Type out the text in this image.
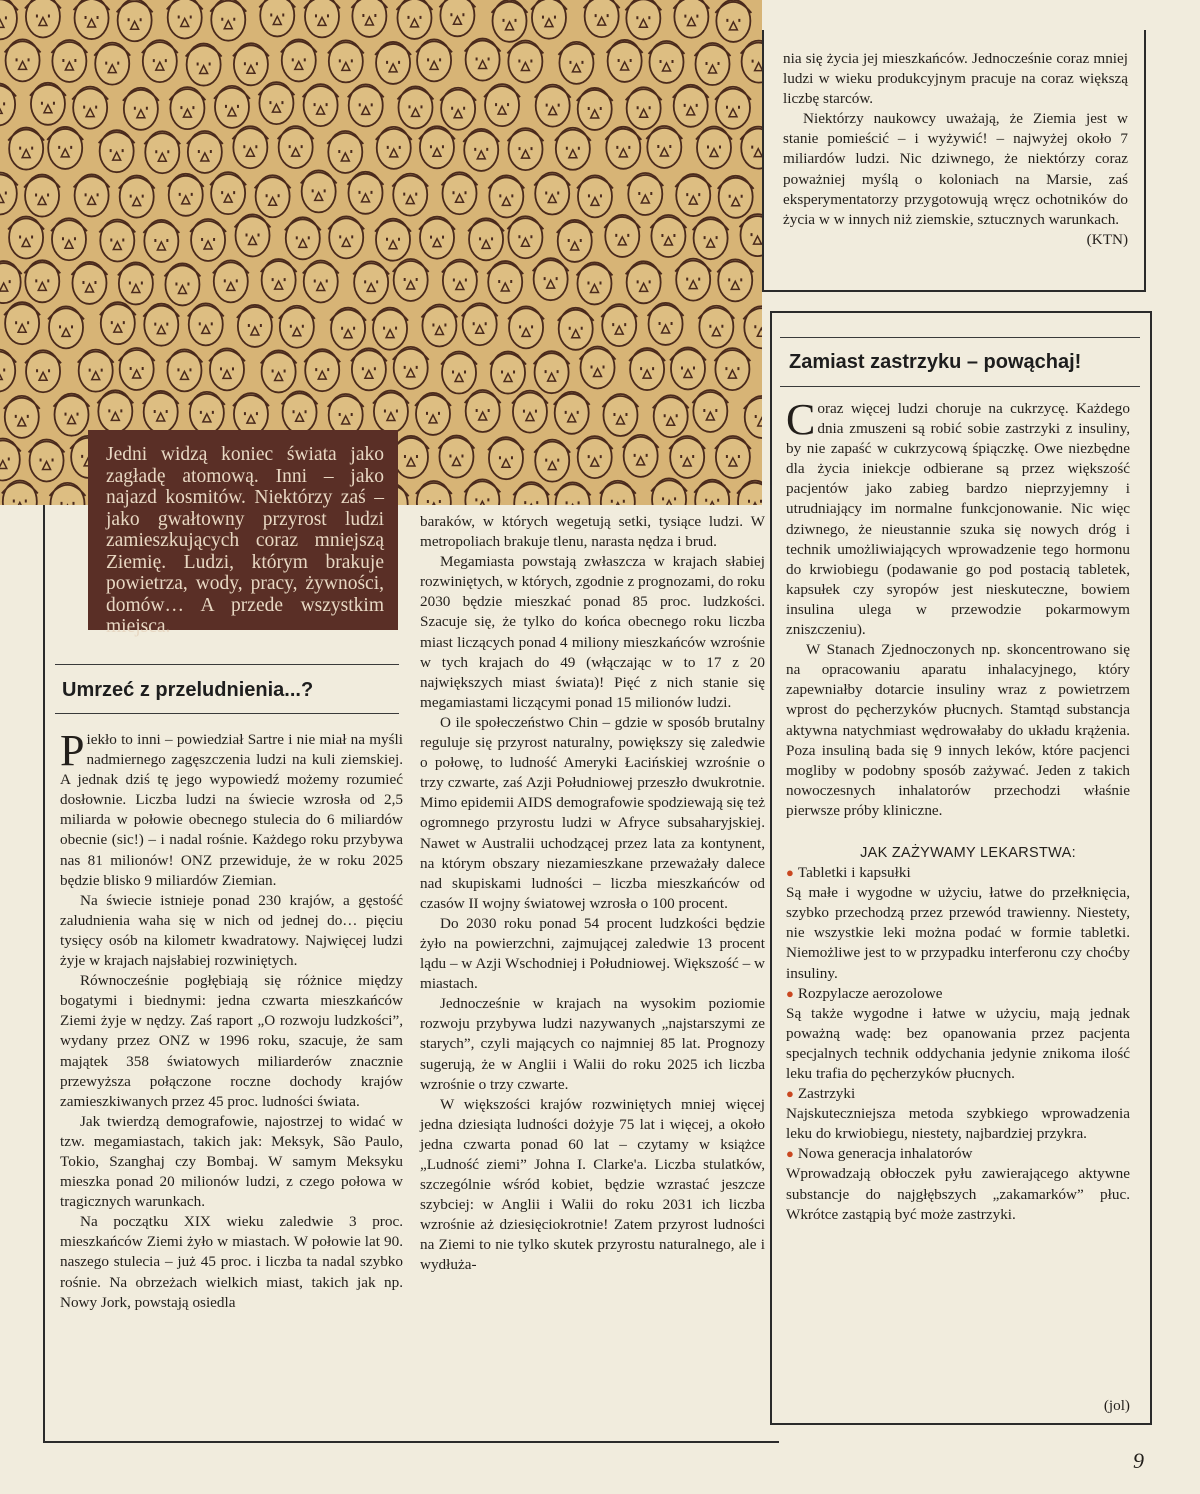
Jedni widzą koniec świata jako zagładę atomową. Inni – jako najazd kosmitów. Niektórzy zaś – jako gwałtowny przyrost ludzi zamieszkujących coraz mniejszą Ziemię. Ludzi, którym brakuje powietrza, wody, pracy, żywności, domów… A przede wszystkim miejsca.
Umrzeć z przeludnienia...?

Piekło to inni – powiedział Sartre i nie miał na myśli nadmiernego zagęszczenia ludzi na kuli ziemskiej. A jednak dziś tę jego wypowiedź możemy rozumieć dosłownie. Liczba ludzi na świecie wzrosła od 2,5 miliarda w połowie obecnego stulecia do 6 miliardów obecnie (sic!) – i nadal rośnie. Każdego roku przybywa nas 81 milionów! ONZ przewiduje, że w roku 2025 będzie blisko 9 miliardów Ziemian.

Na świecie istnieje ponad 230 krajów, a gęstość zaludnienia waha się w nich od jednej do… pięciu tysięcy osób na kilometr kwadratowy. Najwięcej ludzi żyje w krajach najsłabiej rozwiniętych.

Równocześnie pogłębiają się różnice między bogatymi i biednymi: jedna czwarta mieszkańców Ziemi żyje w nędzy. Zaś raport „O rozwoju ludzkości”, wydany przez ONZ w 1996 roku, szacuje, że sam majątek 358 światowych miliarderów znacznie przewyższa połączone roczne dochody krajów zamieszkiwanych przez 45 proc. ludności świata.

Jak twierdzą demografowie, najostrzej to widać w tzw. megamiastach, takich jak: Meksyk, São Paulo, Tokio, Szanghaj czy Bombaj. W samym Meksyku mieszka ponad 20 milionów ludzi, z czego połowa w tragicznych warunkach.

Na początku XIX wieku zaledwie 3 proc. mieszkańców Ziemi żyło w miastach. W połowie lat 90. naszego stulecia – już 45 proc. i liczba ta nadal szybko rośnie. Na obrzeżach wielkich miast, takich jak np. Nowy Jork, powstają osiedla

baraków, w których wegetują setki, tysiące ludzi. W metropoliach brakuje tlenu, narasta nędza i brud.

Megamiasta powstają zwłaszcza w krajach słabiej rozwiniętych, w których, zgodnie z prognozami, do roku 2030 będzie mieszkać ponad 85 proc. ludzkości. Szacuje się, że tylko do końca obecnego roku liczba miast liczących ponad 4 miliony mieszkańców wzrośnie w tych krajach do 49 (włączając w to 17 z 20 największych miast świata)! Pięć z nich stanie się megamiastami liczącymi ponad 15 milionów ludzi.

O ile społeczeństwo Chin – gdzie w sposób brutalny reguluje się przyrost naturalny, powiększy się zaledwie o połowę, to ludność Ameryki Łacińskiej wzrośnie o trzy czwarte, zaś Azji Południowej przeszło dwukrotnie. Mimo epidemii AIDS demografowie spodziewają się też ogromnego przyrostu ludzi w Afryce subsaharyjskiej. Nawet w Australii uchodzącej przez lata za kontynent, na którym obszary niezamieszkane przeważały dalece nad skupiskami ludności – liczba mieszkańców od czasów II wojny światowej wzrosła o 100 procent.

Do 2030 roku ponad 54 procent ludzkości będzie żyło na powierzchni, zajmującej zaledwie 13 procent lądu – w Azji Wschodniej i Południowej. Większość – w miastach.

Jednocześnie w krajach na wysokim poziomie rozwoju przybywa ludzi nazywanych „najstarszymi ze starych”, czyli mających co najmniej 85 lat. Prognozy sugerują, że w Anglii i Walii do roku 2025 ich liczba wzrośnie o trzy czwarte.

W większości krajów rozwiniętych mniej więcej jedna dziesiąta ludności dożyje 75 lat i więcej, a około jedna czwarta ponad 60 lat – czytamy w książce „Ludność ziemi” Johna I. Clarke'a. Liczba stulatków, szczególnie wśród kobiet, będzie wzrastać jeszcze szybciej: w Anglii i Walii do roku 2031 ich liczba wzrośnie aż dziesięciokrotnie! Zatem przyrost ludności na Ziemi to nie tylko skutek przyrostu naturalnego, ale i wydłuża-

nia się życia jej mieszkańców. Jednocześnie coraz mniej ludzi w wieku produkcyjnym pracuje na coraz większą liczbę starców.

Niektórzy naukowcy uważają, że Ziemia jest w stanie pomieścić – i wyżywić! – najwyżej około 7 miliardów ludzi. Nic dziwnego, że niektórzy coraz poważniej myślą o koloniach na Marsie, zaś eksperymentatorzy przygotowują wręcz ochotników do życia w w innych niż ziemskie, sztucznych warunkach.

(KTN)

Zamiast zastrzyku – powąchaj!

Coraz więcej ludzi choruje na cukrzycę. Każdego dnia zmuszeni są robić sobie zastrzyki z insuliny, by nie zapaść w cukrzycową śpiączkę. Owe niezbędne dla życia iniekcje odbierane są przez większość pacjentów jako zabieg bardzo nieprzyjemny i utrudniający im normalne funkcjonowanie. Nic więc dziwnego, że nieustannie szuka się nowych dróg i technik umożliwiających wprowadzenie tego hormonu do krwiobiegu (podawanie go pod postacią tabletek, kapsułek czy syropów jest nieskuteczne, bowiem insulina ulega w przewodzie pokarmowym zniszczeniu).

W Stanach Zjednoczonych np. skoncentrowano się na opracowaniu aparatu inhalacyjnego, który zapewniałby dotarcie insuliny wraz z powietrzem wprost do pęcherzyków płucnych. Stamtąd substancja aktywna natychmiast wędrowałaby do układu krążenia. Poza insuliną bada się 9 innych leków, które pacjenci mogliby w podobny sposób zażywać. Jeden z takich nowoczesnych inhalatorów przechodzi właśnie pierwsze próby kliniczne.

JAK ZAŻYWAMY LEKARSTWA:

● Tabletki i kapsułki

Są małe i wygodne w użyciu, łatwe do przełknięcia, szybko przechodzą przez przewód trawienny. Niestety, nie wszystkie leki można podać w formie tabletki. Niemożliwe jest to w przypadku interferonu czy choćby insuliny.

● Rozpylacze aerozolowe

Są także wygodne i łatwe w użyciu, mają jednak poważną wadę: bez opanowania przez pacjenta specjalnych technik oddychania jedynie znikoma ilość leku trafia do pęcherzyków płucnych.

● Zastrzyki

Najskuteczniejsza metoda szybkiego wprowadzenia leku do krwiobiegu, niestety, najbardziej przykra.

● Nowa generacja inhalatorów

Wprowadzają obłoczek pyłu zawierającego aktywne substancje do najgłębszych „zakamarków” płuc. Wkrótce zastąpią być może zastrzyki.

(jol)
9
